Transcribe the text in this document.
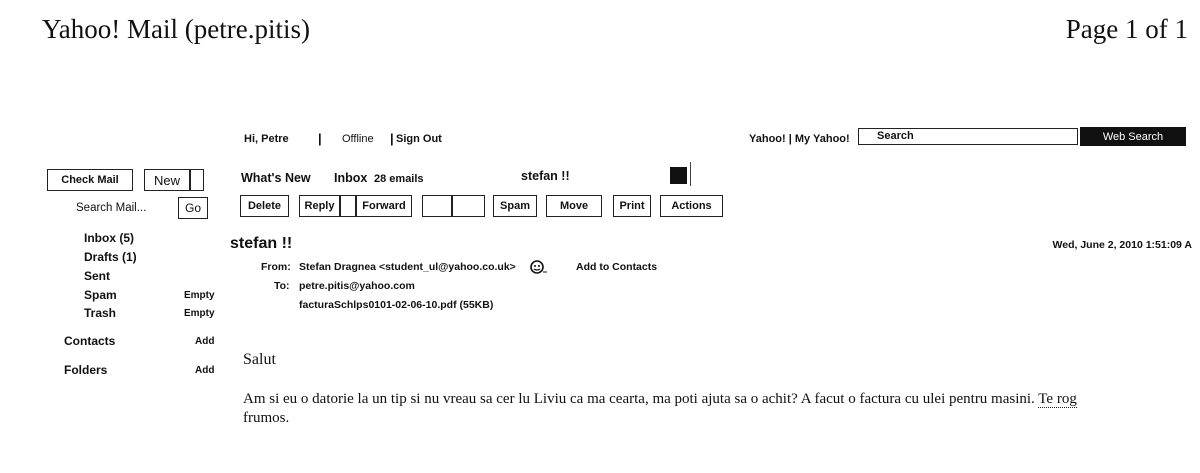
Yahoo! Mail (petre.pitis)	Page 1 of 1
Hi, Petre | Offline | Sign Out	Yahoo! | My Yahoo!	Search	Web Search
Check Mail	New
Search Mail...	Go
Inbox (5)
Drafts (1)
Sent
Spam	Empty
Trash	Empty
Contacts	Add
Folders	Add
What's New Inbox 28 emails	stefan !!
Delete	Reply	Forward	Spam	Move	Print	Actions
stefan !!	Wed, June 2, 2010 1:51:09 A
From: Stefan Dragnea <student_ul@yahoo.co.uk>	Add to Contacts
To: petre.pitis@yahoo.com
facturaSchlps0101-02-06-10.pdf (55KB)
Salut
Am si eu o datorie la un tip si nu vreau sa cer lu Liviu ca ma cearta, ma poti ajuta sa o achit? A facut o factura cu ulei pentru masini. Te rog
frumos.
